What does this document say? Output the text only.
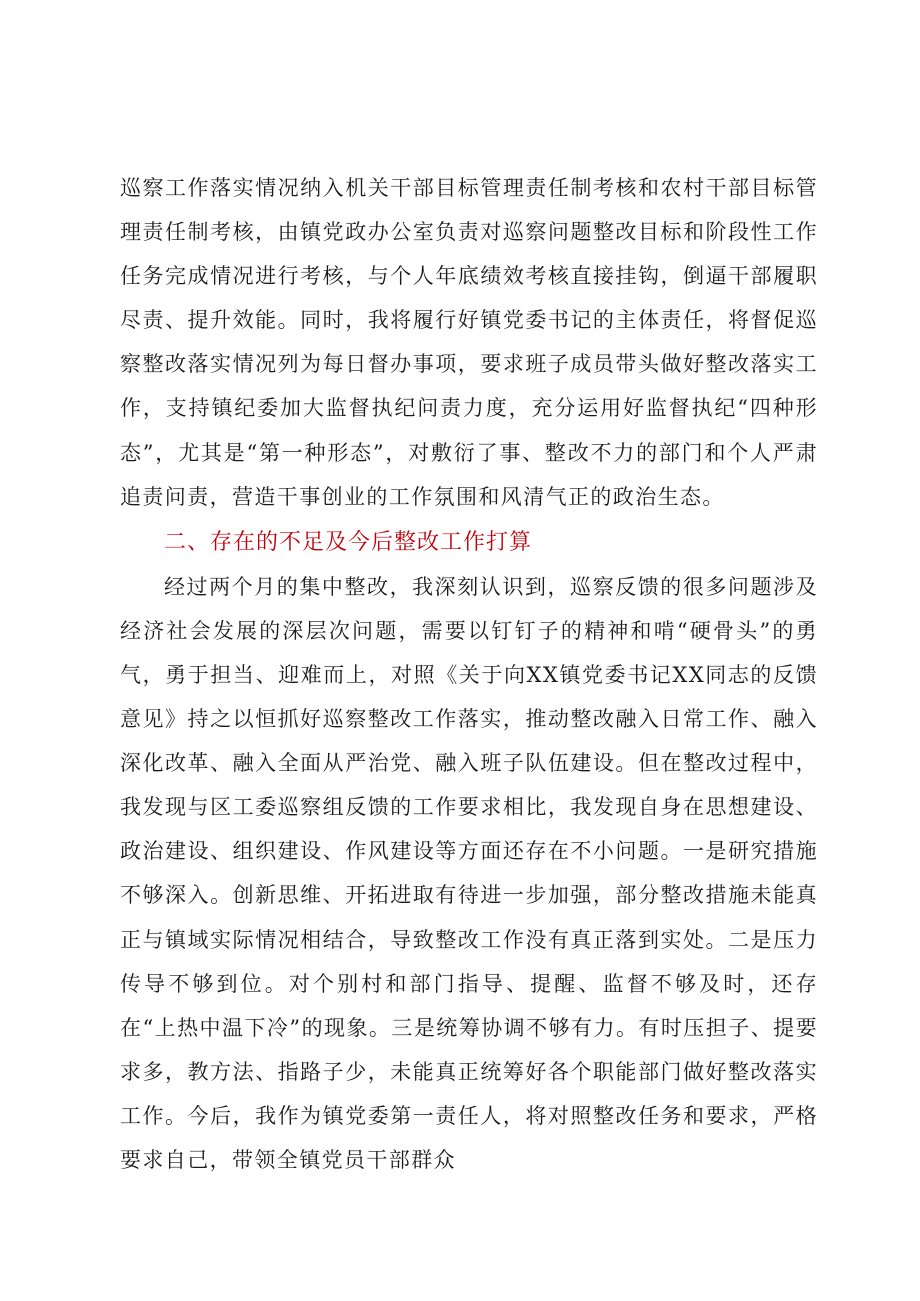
巡察工作落实情况纳入机关干部目标管理责任制考核和农村干部目标管理责任制考核，由镇党政办公室负责对巡察问题整改目标和阶段性工作任务完成情况进行考核，与个人年底绩效考核直接挂钩，倒逼干部履职尽责、提升效能。同时，我将履行好镇党委书记的主体责任，将督促巡察整改落实情况列为每日督办事项，要求班子成员带头做好整改落实工作，支持镇纪委加大监督执纪问责力度，充分运用好监督执纪“四种形态”，尤其是“第一种形态”，对敷衍了事、整改不力的部门和个人严肃追责问责，营造干事创业的工作氛围和风清气正的政治生态。

二、存在的不足及今后整改工作打算

经过两个月的集中整改，我深刻认识到，巡察反馈的很多问题涉及经济社会发展的深层次问题，需要以钉钉子的精神和啃“硬骨头”的勇气，勇于担当、迎难而上，对照《关于向XX镇党委书记XX同志的反馈意见》持之以恒抓好巡察整改工作落实，推动整改融入日常工作、融入深化改革、融入全面从严治党、融入班子队伍建设。但在整改过程中，我发现与区工委巡察组反馈的工作要求相比，我发现自身在思想建设、政治建设、组织建设、作风建设等方面还存在不小问题。一是研究措施不够深入。创新思维、开拓进取有待进一步加强，部分整改措施未能真正与镇域实际情况相结合，导致整改工作没有真正落到实处。二是压力传导不够到位。对个别村和部门指导、提醒、监督不够及时，还存在“上热中温下冷”的现象。三是统筹协调不够有力。有时压担子、提要求多，教方法、指路子少，未能真正统筹好各个职能部门做好整改落实工作。今后，我作为镇党委第一责任人，将对照整改任务和要求，严格要求自己，带领全镇党员干部群众
